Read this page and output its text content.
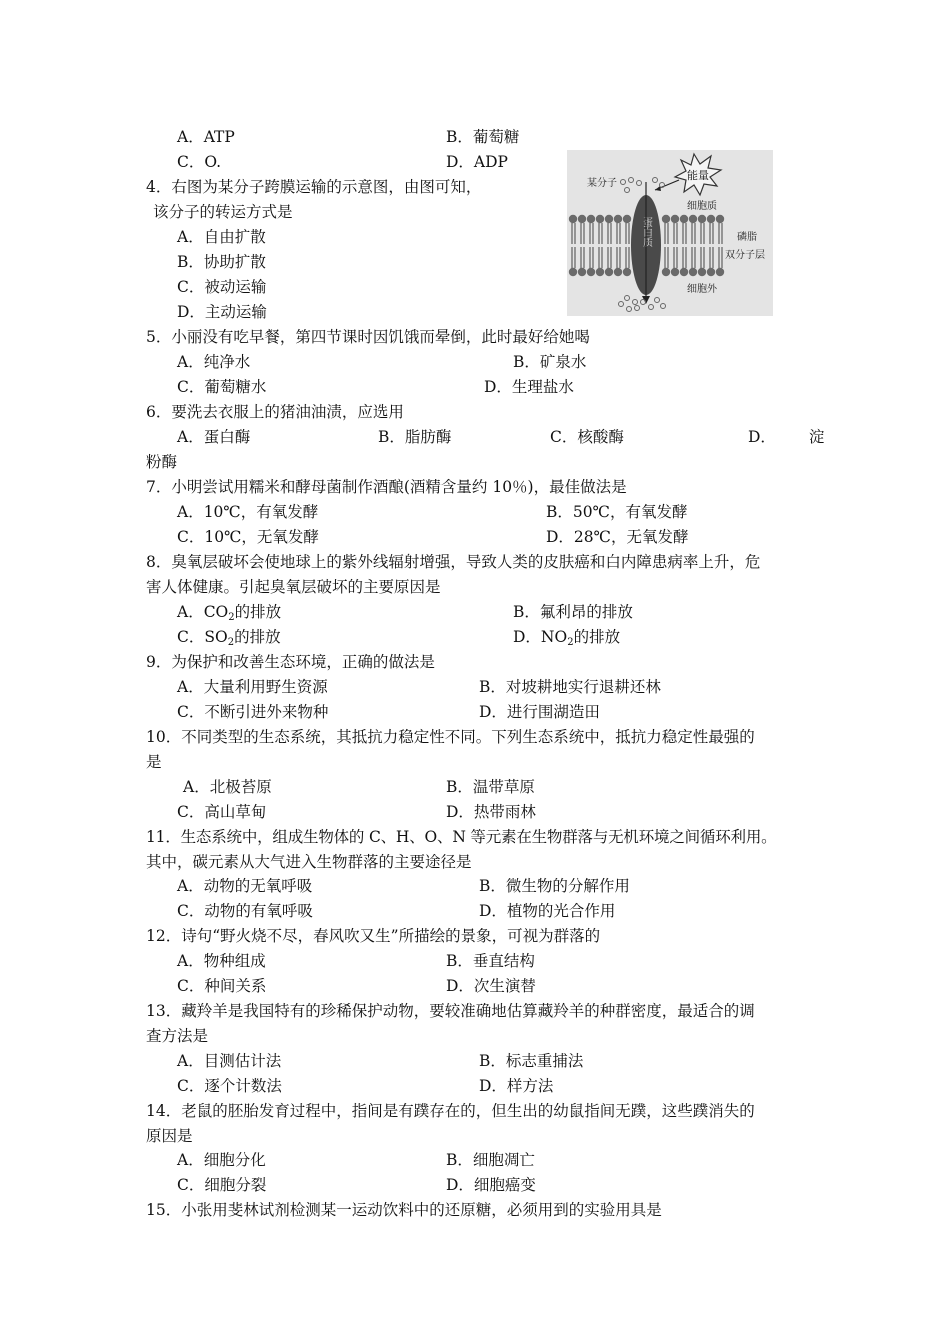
A．ATP	B．葡萄糖
C．O.	D．ADP
4．右图为某分子跨膜运输的示意图，由图可知，
该分子的转运方式是
A．自由扩散
B．协助扩散
C．被动运输
D．主动运输
蛋白质
能量
某分子
细胞质
磷脂
双分子层
细胞外
5．小丽没有吃早餐，第四节课时因饥饿而晕倒，此时最好给她喝
A．纯净水	B．矿泉水
C．葡萄糖水	D．生理盐水
6．要洗去衣服上的猪油油渍，应选用
A．蛋白酶	B．脂肪酶	C．核酸酶	D． 淀
粉酶
7．小明尝试用糯米和酵母菌制作酒酿(酒精含量约 10％)，最佳做法是
A．10℃，有氧发酵	B．50℃，有氧发酵
C．10℃，无氧发酵	D．28℃，无氧发酵
8．臭氧层破坏会使地球上的紫外线辐射增强，导致人类的皮肤癌和白内障患病率上升，危
害人体健康。引起臭氧层破坏的主要原因是
A．$CO_2$的排放	B．氟利昂的排放
C．$SO_2$的排放	D．$NO_2$的排放
9．为保护和改善生态环境，正确的做法是
A．大量利用野生资源	B．对坡耕地实行退耕还林
C．不断引进外来物种	D．进行围湖造田
10．不同类型的生态系统，其抵抗力稳定性不同。下列生态系统中，抵抗力稳定性最强的
是
A．北极苔原	B．温带草原
C．高山草甸	D．热带雨林
11．生态系统中，组成生物体的 C、H、O、N 等元素在生物群落与无机环境之间循环利用。
其中，碳元素从大气进入生物群落的主要途径是
A．动物的无氧呼吸	B．微生物的分解作用
C．动物的有氧呼吸	D．植物的光合作用
12．诗句“野火烧不尽，春风吹又生”所描绘的景象，可视为群落的
A．物种组成	B．垂直结构
C．种间关系	D．次生演替
13．藏羚羊是我国特有的珍稀保护动物，要较准确地估算藏羚羊的种群密度，最适合的调
查方法是
A．目测估计法	B．标志重捕法
C．逐个计数法	D．样方法
14．老鼠的胚胎发育过程中，指间是有蹼存在的，但生出的幼鼠指间无蹼，这些蹼消失的
原因是
A．细胞分化	B．细胞凋亡
C．细胞分裂	D．细胞癌变
15．小张用斐林试剂检测某一运动饮料中的还原糖，必须用到的实验用具是
